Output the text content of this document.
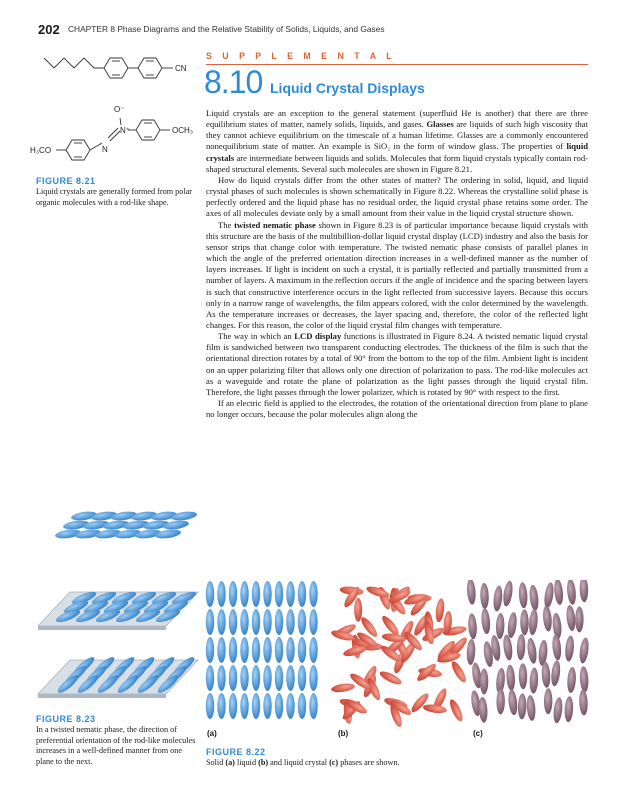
202 CHAPTER 8 Phase Diagrams and the Relative Stability of Solids, Liquids, and Gases
S U P P L E M E N T A L
8.10 Liquid Crystal Displays
CN
O⁻
N⁺
N
OCH₃
H₃CO
FIGURE 8.21
Liquid crystals are generally formed from polar organic molecules with a rod-like shape.

Liquid crystals are an exception to the general statement (superfluid He is another) that there are three equilibrium states of matter, namely solids, liquids, and gases. Glasses are liquids of such high viscosity that they cannot achieve equilibrium on the timescale of a human lifetime. Glasses are a commonly encountered nonequilibrium state of matter. An example is SiO₂ in the form of window glass. The properties of liquid crystals are intermediate between liquids and solids. Molecules that form liquid crystals typically contain rod-shaped structural elements. Several such molecules are shown in Figure 8.21.

How do liquid crystals differ from the other states of matter? The ordering in solid, liquid, and liquid crystal phases of such molecules is shown schematically in Figure 8.22. Whereas the crystalline solid phase is perfectly ordered and the liquid phase has no residual order, the liquid crystal phase retains some order. The axes of all molecules deviate only by a small amount from their value in the liquid crystal structure shown.

The twisted nematic phase shown in Figure 8.23 is of particular importance because liquid crystals with this structure are the basis of the multibillion-dollar liquid crystal display (LCD) industry and also the basis for sensor strips that change color with temperature. The twisted nematic phase consists of parallel planes in which the angle of the preferred orientation direction increases in a well-defined manner as the number of layers increases. If light is incident on such a crystal, it is partially reflected and partially transmitted from a number of layers. A maximum in the reflection occurs if the angle of incidence and the spacing between layers is such that constructive interference occurs in the light reflected from successive layers. Because this occurs only in a narrow range of wavelengths, the film appears colored, with the color determined by the wavelength. As the temperature increases or decreases, the layer spacing and, therefore, the color of the reflected light changes. For this reason, the color of the liquid crystal film changes with temperature.

The way in which an LCD display functions is illustrated in Figure 8.24. A twisted nematic liquid crystal film is sandwiched between two transparent conducting electrodes. The thickness of the film is such that the orientational direction rotates by a total of 90° from the bottom to the top of the film. Ambient light is incident on an upper polarizing filter that allows only one direction of polarization to pass. The rod-like molecules act as a waveguide and rotate the plane of polarization as the light passes through the liquid crystal film. Therefore, the light passes through the lower polarizer, which is rotated by 90° with respect to the first.

If an electric field is applied to the electrodes, the rotation of the orientational direction from plane to plane no longer occurs, because the polar molecules align along the

FIGURE 8.23
In a twisted nematic phase, the direction of preferential orientation of the rod-like molecules increases in a well-defined manner from one plane to the next.
(a)	(b)	(c)
FIGURE 8.22
Solid (a) liquid (b) and liquid crystal (c) phases are shown.
